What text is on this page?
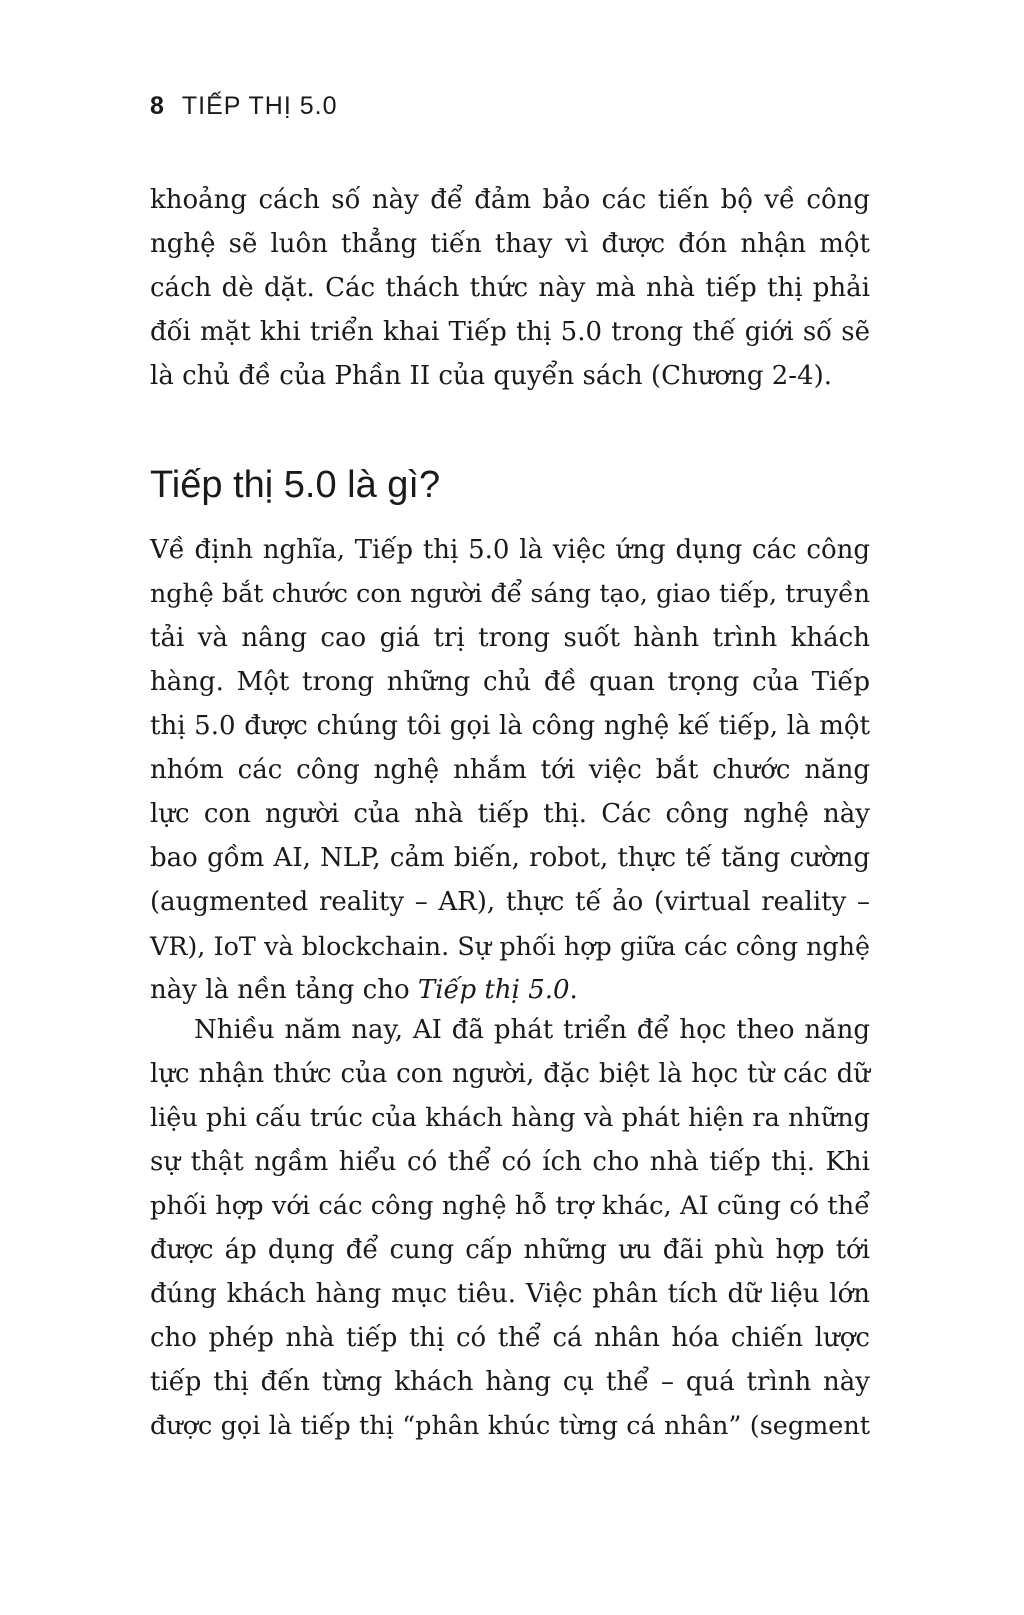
8 TIẾP THỊ 5.0
khoảng cách số này để đảm bảo các tiến bộ về công
nghệ sẽ luôn thẳng tiến thay vì được đón nhận một
cách dè dặt. Các thách thức này mà nhà tiếp thị phải
đối mặt khi triển khai Tiếp thị 5.0 trong thế giới số sẽ
là chủ đề của Phần II của quyển sách (Chương 2-4).
Tiếp thị 5.0 là gì?
Về định nghĩa, Tiếp thị 5.0 là việc ứng dụng các công
nghệ bắt chước con người để sáng tạo, giao tiếp, truyền
tải và nâng cao giá trị trong suốt hành trình khách
hàng. Một trong những chủ đề quan trọng của Tiếp
thị 5.0 được chúng tôi gọi là công nghệ kế tiếp, là một
nhóm các công nghệ nhắm tới việc bắt chước năng
lực con người của nhà tiếp thị. Các công nghệ này
bao gồm AI, NLP, cảm biến, robot, thực tế tăng cường
(augmented reality – AR), thực tế ảo (virtual reality –
VR), IoT và blockchain. Sự phối hợp giữa các công nghệ
này là nền tảng cho Tiếp thị 5.0.
Nhiều năm nay, AI đã phát triển để học theo năng
lực nhận thức của con người, đặc biệt là học từ các dữ
liệu phi cấu trúc của khách hàng và phát hiện ra những
sự thật ngầm hiểu có thể có ích cho nhà tiếp thị. Khi
phối hợp với các công nghệ hỗ trợ khác, AI cũng có thể
được áp dụng để cung cấp những ưu đãi phù hợp tới
đúng khách hàng mục tiêu. Việc phân tích dữ liệu lớn
cho phép nhà tiếp thị có thể cá nhân hóa chiến lược
tiếp thị đến từng khách hàng cụ thể – quá trình này
được gọi là tiếp thị “phân khúc từng cá nhân” (segment
